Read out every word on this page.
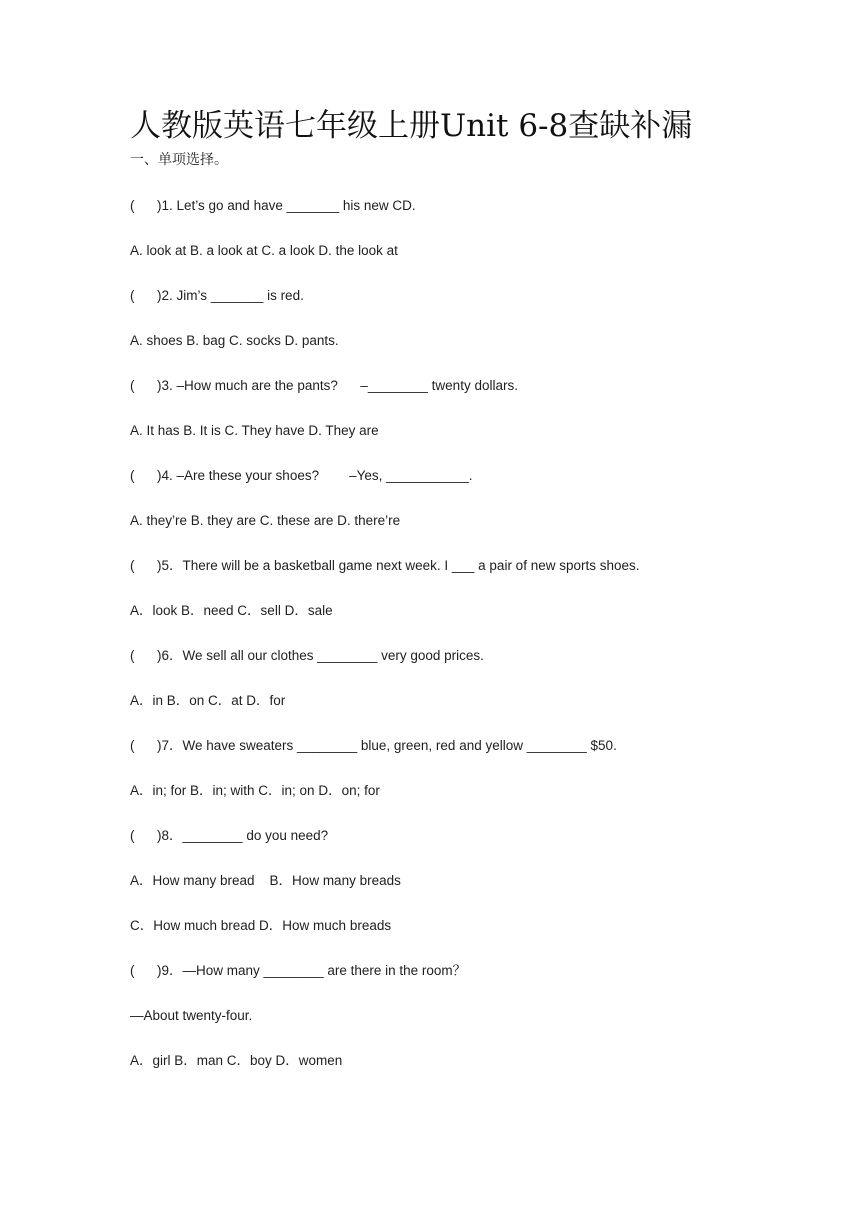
人教版英语七年级上册Unit 6-8查缺补漏
一、单项选择。
(      )1. Let’s go and have _______ his new CD.
A. look at B. a look at C. a look D. the look at
(      )2. Jim’s _______ is red.
A. shoes B. bag C. socks D. pants.
(      )3. –How much are the pants?      –________ twenty dollars.
A. It has B. It is C. They have D. They are
(      )4. –Are these your shoes?        –Yes, ___________.
A. they’re B. they are C. these are D. there’re
(      )5．There will be a basketball game next week. I ___ a pair of new sports shoes.
A．look B．need C．sell D．sale
(      )6．We sell all our clothes ________ very good prices.
A．in B．on C．at D．for
(      )7．We have sweaters ________ blue, green, red and yellow ________ $50.
A．in; for B．in; with C．in; on D．on; for
(      )8．________ do you need?
A．How many bread    B．How many breads
C．How much bread D．How much breads
(      )9．—How many ________ are there in the room？
—About twenty-four.
A．girl B．man C．boy D．women
